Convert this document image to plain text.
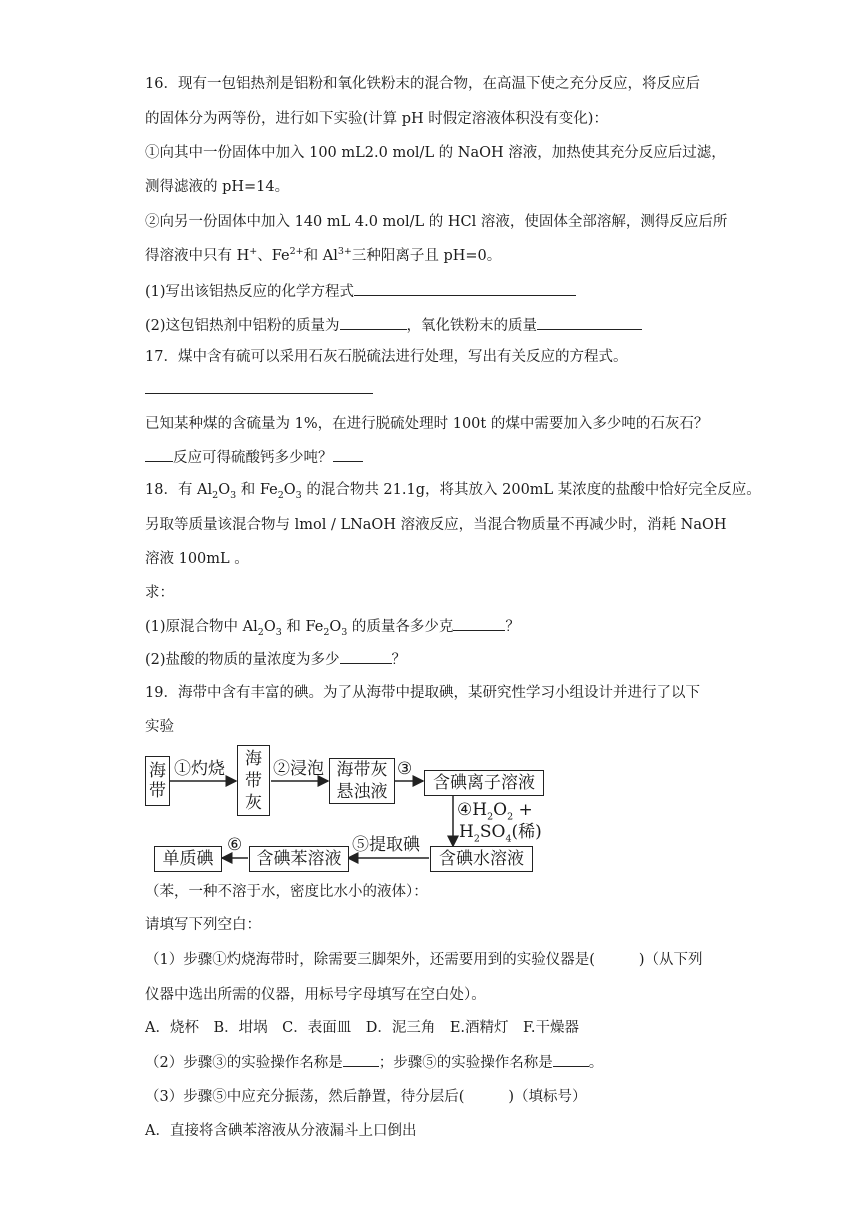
16．现有一包铝热剂是铝粉和氧化铁粉末的混合物，在高温下使之充分反应，将反应后
的固体分为两等份，进行如下实验(计算 pH 时假定溶液体积没有变化)：
①向其中一份固体中加入 100 mL2.0 mol/L 的 NaOH 溶液，加热使其充分反应后过滤，
测得滤液的 pH=14。
②向另一份固体中加入 140 mL 4.0 mol/L 的 HCl 溶液，使固体全部溶解，测得反应后所
得溶液中只有 H+、$Fe^{2+}$和 $Al^{3+}$三种阳离子且 pH=0。
(1)写出该铝热反应的化学方程式
(2)这包铝热剂中铝粉的质量为	，氧化铁粉末的质量
17．煤中含有硫可以采用石灰石脱硫法进行处理，写出有关反应的方程式。
已知某种煤的含硫量为 1%，在进行脱硫处理时 100t 的煤中需要加入多少吨的石灰石？
反应可得硫酸钙多少吨？
18．有 $Al_2O_3$ 和 $Fe_2O_3$ 的混合物共 21.1g，将其放入 200mL 某浓度的盐酸中恰好完全反应。
另取等质量该混合物与 lmol / LNaOH 溶液反应，当混合物质量不再减少时，消耗 NaOH
溶液 100mL 。
求：
(1)原混合物中 $Al_2O_3$ 和 $Fe_2O_3$ 的质量各多少克	？
(2)盐酸的物质的量浓度为多少	？
19．海带中含有丰富的碘。为了从海带中提取碘，某研究性学习小组设计并进行了以下
实验
海带
①灼烧
海带灰
②浸泡 海带灰悬浊液
③
含碘离子溶液
$④H_2O_2$ +
$H_2SO_4$(稀)
含碘水溶液
⑤提取碘
含碘苯溶液
⑥
单质碘
（苯，一种不溶于水，密度比水小的液体）：
请填写下列空白：
（1）步骤①灼烧海带时，除需要三脚架外，还需要用到的实验仪器是(	)（从下列
仪器中选出所需的仪器，用标号字母填写在空白处）。
A．烧杯　B．坩埚　C．表面皿　D．泥三角　E.酒精灯　F.干燥器
（2）步骤③的实验操作名称是 ；步骤⑤的实验操作名称是 。
（3）步骤⑤中应充分振荡，然后静置，待分层后(	)（填标号）
A．直接将含碘苯溶液从分液漏斗上口倒出
